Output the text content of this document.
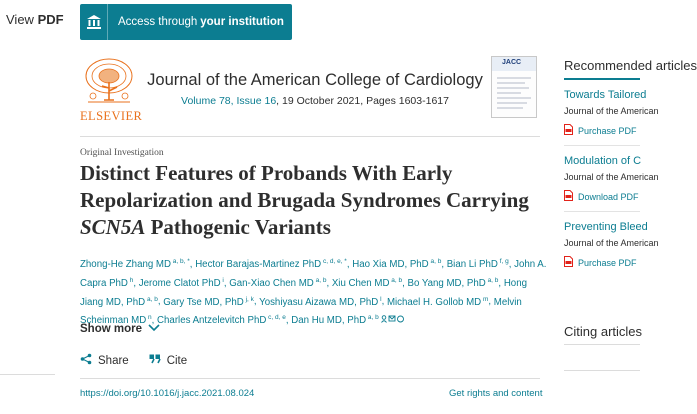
View PDF	Access through your institution
ELSEVIER
Journal of the American College of Cardiology
Volume 78, Issue 16, 19 October 2021, Pages 1603-1617
JACC
Original Investigation
Distinct Features of Probands With Early
Repolarization and Brugada Syndromes Carrying
SCN5A Pathogenic Variants
Zhong-He Zhang MD $^{a, b, *}$, Hector Barajas-Martinez PhD $^{c, d, e, *}$, Hao Xia MD, PhD $^{a, b}$, Bian Li PhD $^{f, g}$, John A. Capra PhD $^h$, Jerome Clatot PhD $^i$, Gan-Xiao Chen MD $^{a, b}$, Xiu Chen MD $^{a, b}$, Bo Yang MD, PhD $^{a, b}$, Hong Jiang MD, PhD $^{a, b}$, Gary Tse MD, PhD $^{j, k}$, Yoshiyasu Aizawa MD, PhD $^l$, Michael H. Gollob MD $^m$, Melvin Scheinman MD $^n$, Charles Antzelevitch PhD $^{c, d, e}$, Dan Hu MD, PhD $^{a, b}$
Show more
Share	Cite
https://doi.org/10.1016/j.jacc.2021.08.024	Get rights and content
Recommended articles
Towards Tailored
Journal of the American
Purchase PDF
Modulation of C
Journal of the American
Download PDF
Preventing Bleed
Journal of the American
Purchase PDF
Citing articles
